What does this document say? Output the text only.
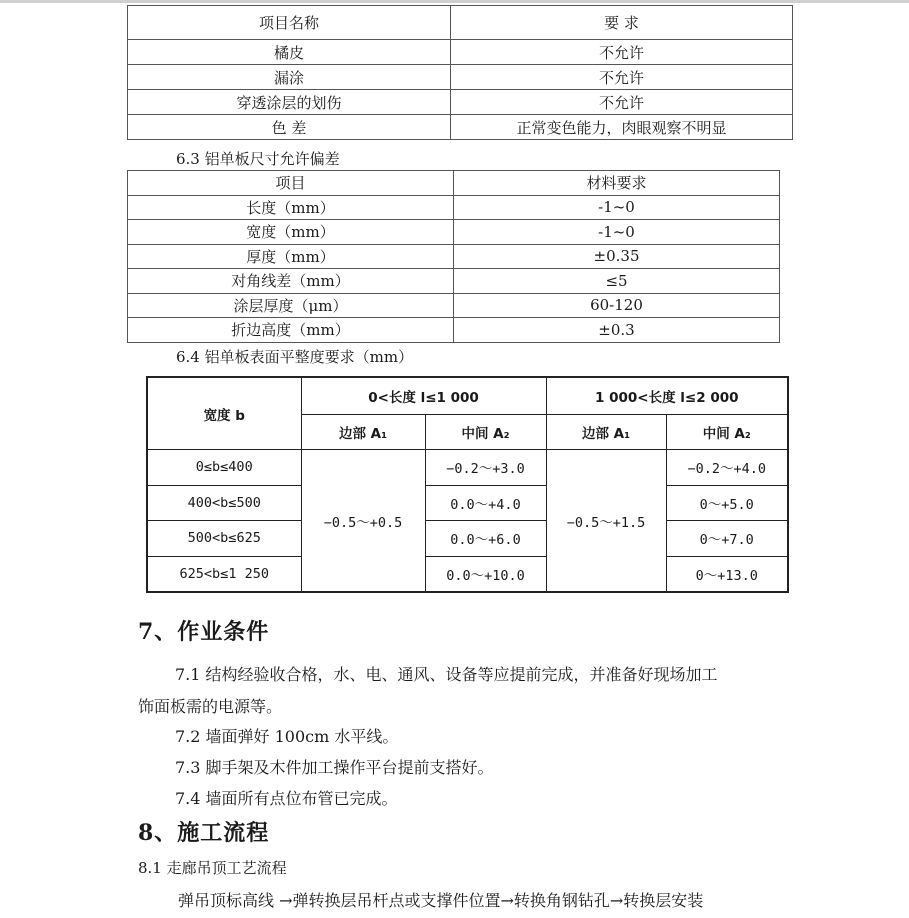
项目名称	要 求
橘皮	不允许
漏涂	不允许
穿透涂层的划伤	不允许
色 差	正常变色能力，肉眼观察不明显
6.3 铝单板尺寸允许偏差
项目	材料要求
长度（mm）	-1~0
宽度（mm）	-1~0
厚度（mm）	±0.35
对角线差（mm）	≤5
涂层厚度（μm）	60-120
折边高度（mm）	±0.3
6.4 铝单板表面平整度要求（mm）
宽度 b	0<长度 l≤1 000		1 000<长度 l≤2 000	
	边部 A₁	中间 A₂	边部 A₁	中间 A₂
0≤b≤400	−0.5～+0.5	−0.2～+3.0	−0.5～+1.5	−0.2～+4.0
400<b≤500		0.0～+4.0		0～+5.0
500<b≤625		0.0～+6.0		0～+7.0
625<b≤1 250		0.0～+10.0		0～+13.0
7、作业条件

7.1 结构经验收合格，水、电、通风、设备等应提前完成，并准备好现场加工

饰面板需的电源等。

7.2 墙面弹好 100cm 水平线。

7.3 脚手架及木件加工操作平台提前支搭好。

7.4 墙面所有点位布管已完成。

8、施工流程

8.1 走廊吊顶工艺流程

弹吊顶标高线 →弹转换层吊杆点或支撑件位置→转换角钢钻孔→转换层安装
